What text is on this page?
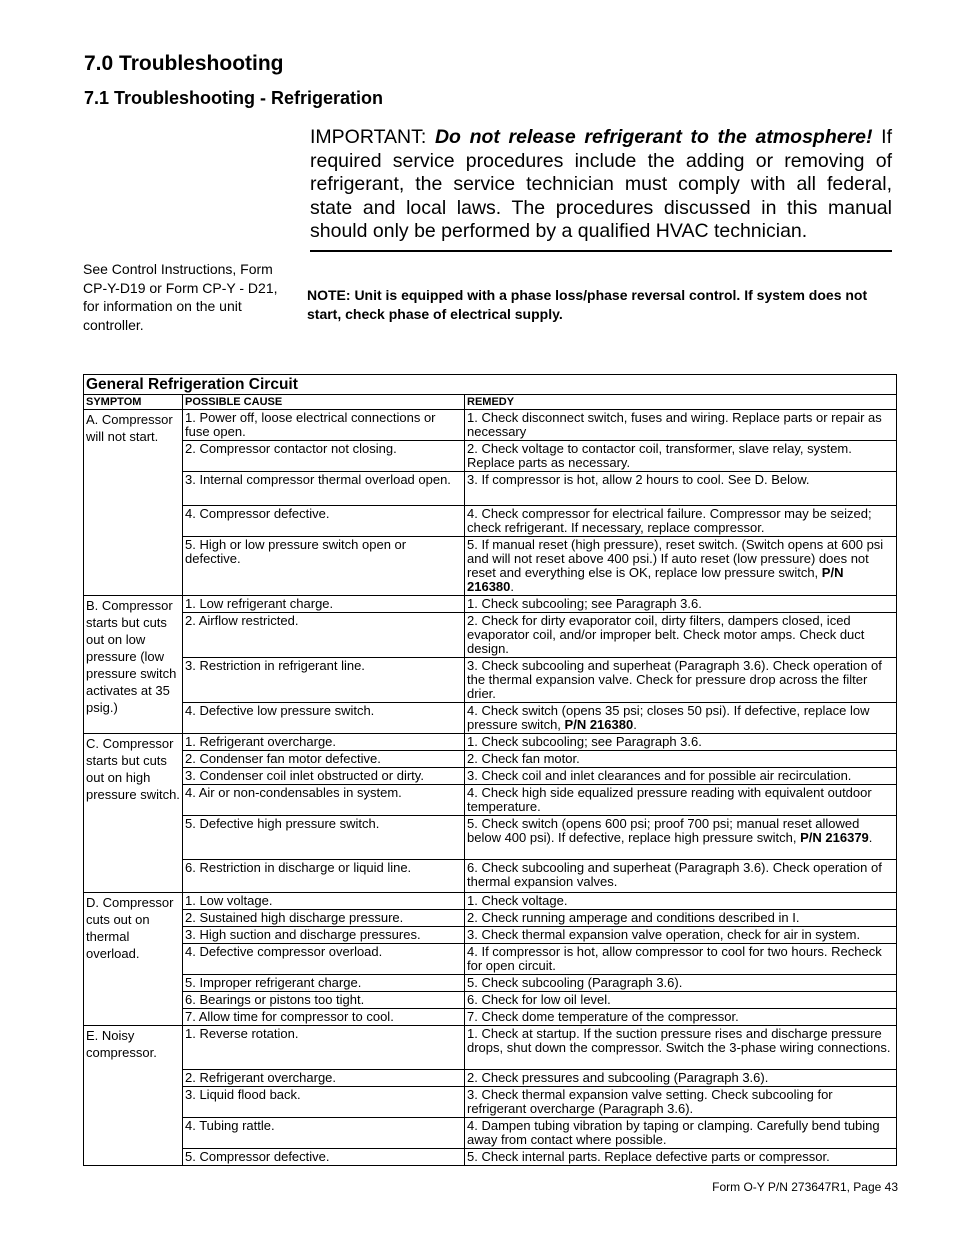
7.0 Troubleshooting
7.1 Troubleshooting - Refrigeration
IMPORTANT: Do not release refrigerant to the atmosphere! If required service procedures include the adding or removing of refrigerant, the service technician must comply with all federal, state and local laws. The procedures discussed in this manual should only be performed by a qualified HVAC technician.
See Control Instructions, Form CP-Y-D19 or Form CP-Y - D21, for information on the unit controller.
NOTE: Unit is equipped with a phase loss/phase reversal control. If system does not start, check phase of electrical supply.
General Refrigeration Circuit		
SYMPTOM	POSSIBLE CAUSE	REMEDY
A. Compressor will not start.	1. Power off, loose electrical connections or fuse open.	1. Check disconnect switch, fuses and wiring. Replace parts or repair as necessary
	2. Compressor contactor not closing.	2. Check voltage to contactor coil, transformer, slave relay, system. Replace parts as necessary.
	3. Internal compressor thermal overload open.	3. If compressor is hot, allow 2 hours to cool. See D. Below.
	4. Compressor defective.	4. Check compressor for electrical failure. Compressor may be seized; check refrigerant. If necessary, replace compressor.
	5. High or low pressure switch open or defective.	5. If manual reset (high pressure), reset switch. (Switch opens at 600 psi and will not reset above 400 psi.) If auto reset (low pressure) does not reset and everything else is OK, replace low pressure switch, P/N 216380.
B. Compressor starts but cuts out on low pressure (low pressure switch activates at 35 psig.)	1. Low refrigerant charge.	1. Check subcooling; see Paragraph 3.6.
	2. Airflow restricted.	2. Check for dirty evaporator coil, dirty filters, dampers closed, iced evaporator coil, and/or improper belt. Check motor amps. Check duct design.
	3. Restriction in refrigerant line.	3. Check subcooling and superheat (Paragraph 3.6). Check operation of the thermal expansion valve. Check for pressure drop across the filter drier.
	4. Defective low pressure switch.	4. Check switch (opens 35 psi; closes 50 psi). If defective, replace low pressure switch, P/N 216380.
C. Compressor starts but cuts out on high pressure switch.	1. Refrigerant overcharge.	1. Check subcooling; see Paragraph 3.6.
	2. Condenser fan motor defective.	2. Check fan motor.
	3. Condenser coil inlet obstructed or dirty.	3. Check coil and inlet clearances and for possible air recirculation.
	4. Air or non-condensables in system.	4. Check high side equalized pressure reading with equivalent outdoor temperature.
	5. Defective high pressure switch.	5. Check switch (opens 600 psi; proof 700 psi; manual reset allowed below 400 psi). If defective, replace high pressure switch, P/N 216379.
	6. Restriction in discharge or liquid line.	6. Check subcooling and superheat (Paragraph 3.6). Check operation of thermal expansion valves.
D. Compressor cuts out on thermal overload.	1. Low voltage.	1. Check voltage.
	2. Sustained high discharge pressure.	2. Check running amperage and conditions described in I.
	3. High suction and discharge pressures.	3. Check thermal expansion valve operation, check for air in system.
	4. Defective compressor overload.	4. If compressor is hot, allow compressor to cool for two hours. Recheck for open circuit.
	5. Improper refrigerant charge.	5. Check subcooling (Paragraph 3.6).
	6. Bearings or pistons too tight.	6. Check for low oil level.
	7. Allow time for compressor to cool.	7. Check dome temperature of the compressor.
E. Noisy compressor.	1. Reverse rotation.	1. Check at startup. If the suction pressure rises and discharge pressure drops, shut down the compressor. Switch the 3-phase wiring connections.
	2. Refrigerant overcharge.	2. Check pressures and subcooling (Paragraph 3.6).
	3. Liquid flood back.	3. Check thermal expansion valve setting. Check subcooling for refrigerant overcharge (Paragraph 3.6).
	4. Tubing rattle.	4. Dampen tubing vibration by taping or clamping. Carefully bend tubing away from contact where possible.
	5. Compressor defective.	5. Check internal parts. Replace defective parts or compressor.
Form O-Y P/N 273647R1, Page 43
